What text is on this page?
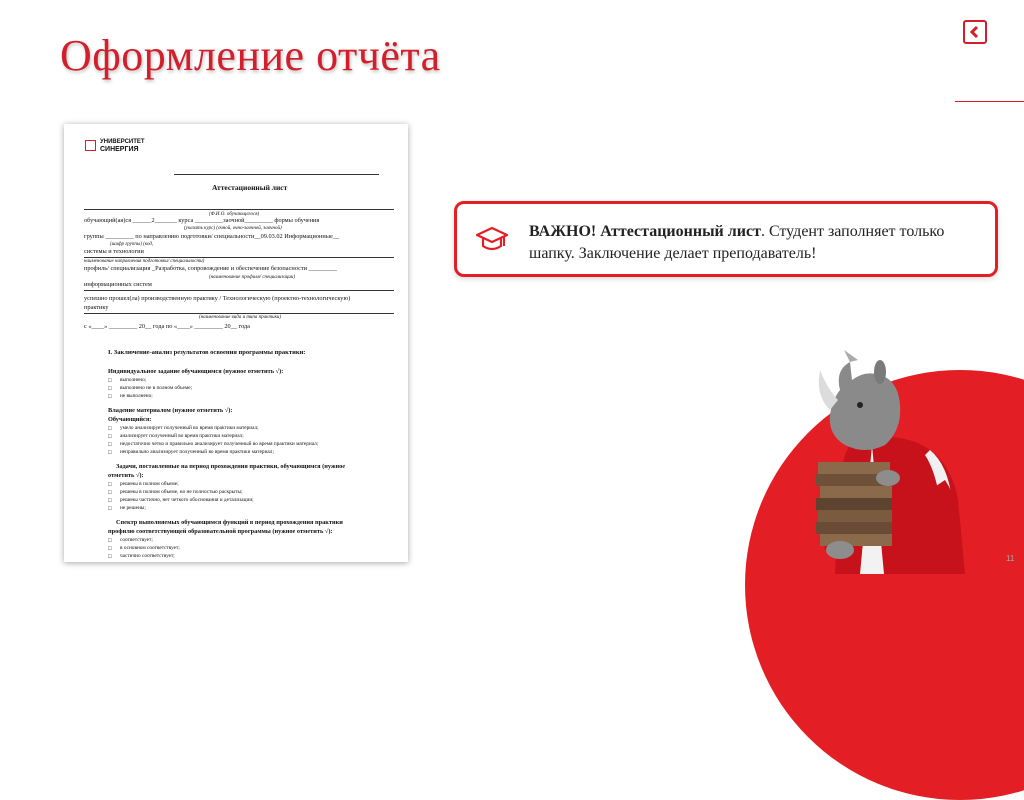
Оформление отчёта
УНИВЕРСИТЕТ
СИНЕРГИЯ
Аттестационный лист
(Ф.И.О. обучающегося)
обучающий(ая)ся ______2_______ курса _________заочной_________ формы обучения
(указать курс) (очной, очно-заочной, заочной)
группы _________ по направлению подготовки/ специальности__09.03.02 Информационные__
(шифр группы) (код,
системы и технологии
наименование направления подготовки/ специальности)
профиль/ специализация _Разработка, сопровождение и обеспечение безопасности _________
(наименование профиля/ специализации)
информационных систем
успешно прошел(ла) производственную практику / Технологическую (проектно-технологическую)
практику
(наименование вида и типа практики)
с «____» _________ 20__ года по «____» _________ 20__ года
I. Заключение-анализ результатов освоения программы практики:
Индивидуальное задание обучающимся (нужное отметить √):
□ выполнено;
□ выполнено не в полном объеме;
□ не выполнено;
Владение материалом (нужное отметить √):
Обучающийся:
□ умело анализирует полученный во время практики материал;
□ анализирует полученный во время практики материал;
□ недостаточно четко и правильно анализирует полученный во время практики материал;
□ неправильно анализирует полученный во время практики материал;
Задачи, поставленные на период прохождения практики, обучающимся (нужное
отметить √):
□ решены в полном объеме;
□ решены в полном объеме, но не полностью раскрыты;
□ решены частично, нет четкого обоснования и детализации;
□ не решены;
Спектр выполняемых обучающимся функций в период прохождения практики
профилю соответствующей образовательной программы (нужное отметить √):
□ соответствует;
□ в основном соответствует;
□ частично соответствует;
ВАЖНО! Аттестационный лист. Студент заполняет только шапку. Заключение делает преподаватель!
11
